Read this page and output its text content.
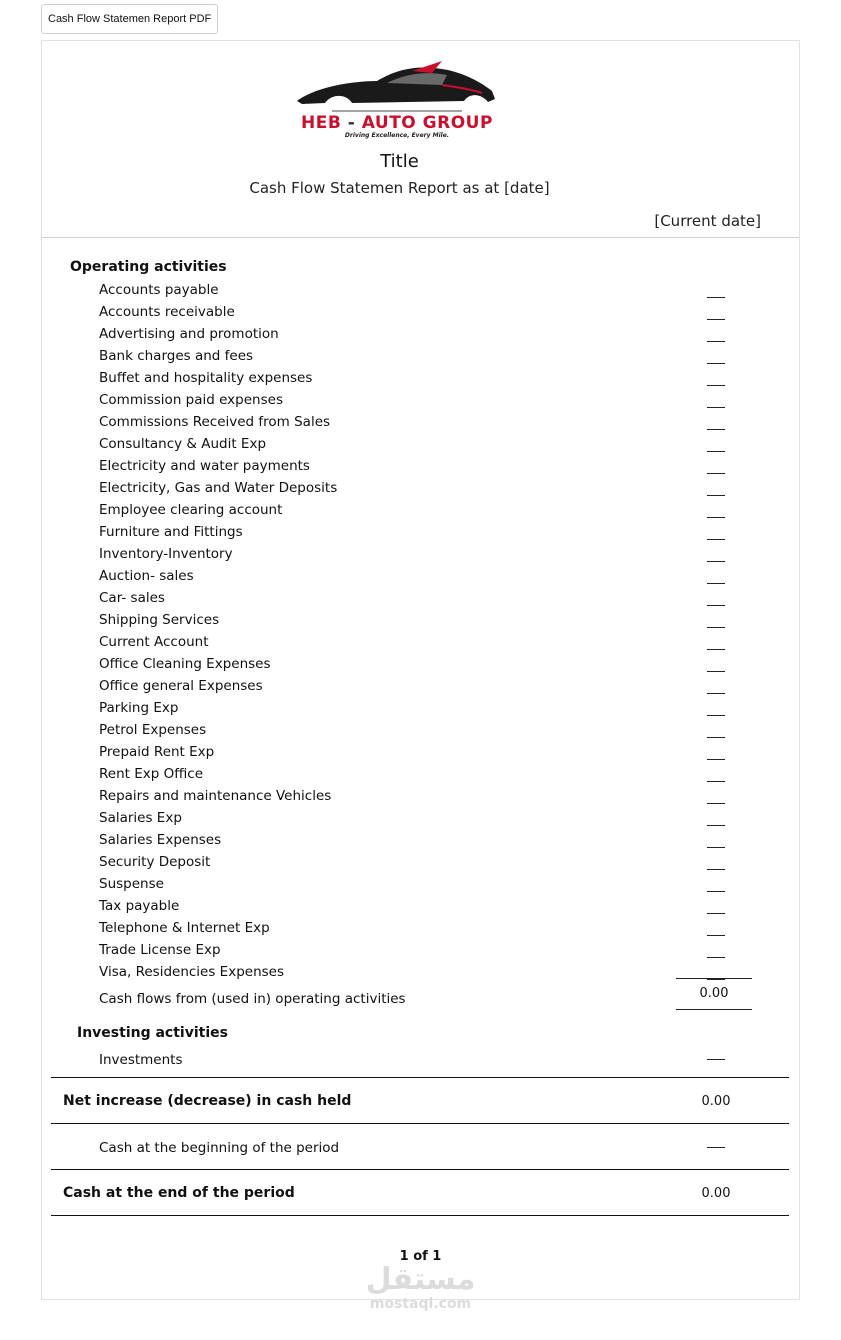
Cash Flow Statemen Report PDF
HEB - AUTO GROUP
Driving Excellence, Every Mile.
Title
Cash Flow Statemen Report as at [date]
[Current date]
Operating activities
Accounts payable
Accounts receivable
Advertising and promotion
Bank charges and fees
Buffet and hospitality expenses
Commission paid expenses
Commissions Received from Sales
Consultancy & Audit Exp
Electricity and water payments
Electricity, Gas and Water Deposits
Employee clearing account
Furniture and Fittings
Inventory-Inventory
Auction- sales
Car- sales
Shipping Services
Current Account
Office Cleaning Expenses
Office general Expenses
Parking Exp
Petrol Expenses
Prepaid Rent Exp
Rent Exp Office
Repairs and maintenance Vehicles
Salaries Exp
Salaries Expenses
Security Deposit
Suspense
Tax payable
Telephone & Internet Exp
Trade License Exp
Visa, Residencies Expenses
Cash flows from (used in) operating activities	0.00
Investing activities
Investments
Net increase (decrease) in cash held	0.00
Cash at the beginning of the period
Cash at the end of the period	0.00
1 of 1
مستقل
mostaql.com
